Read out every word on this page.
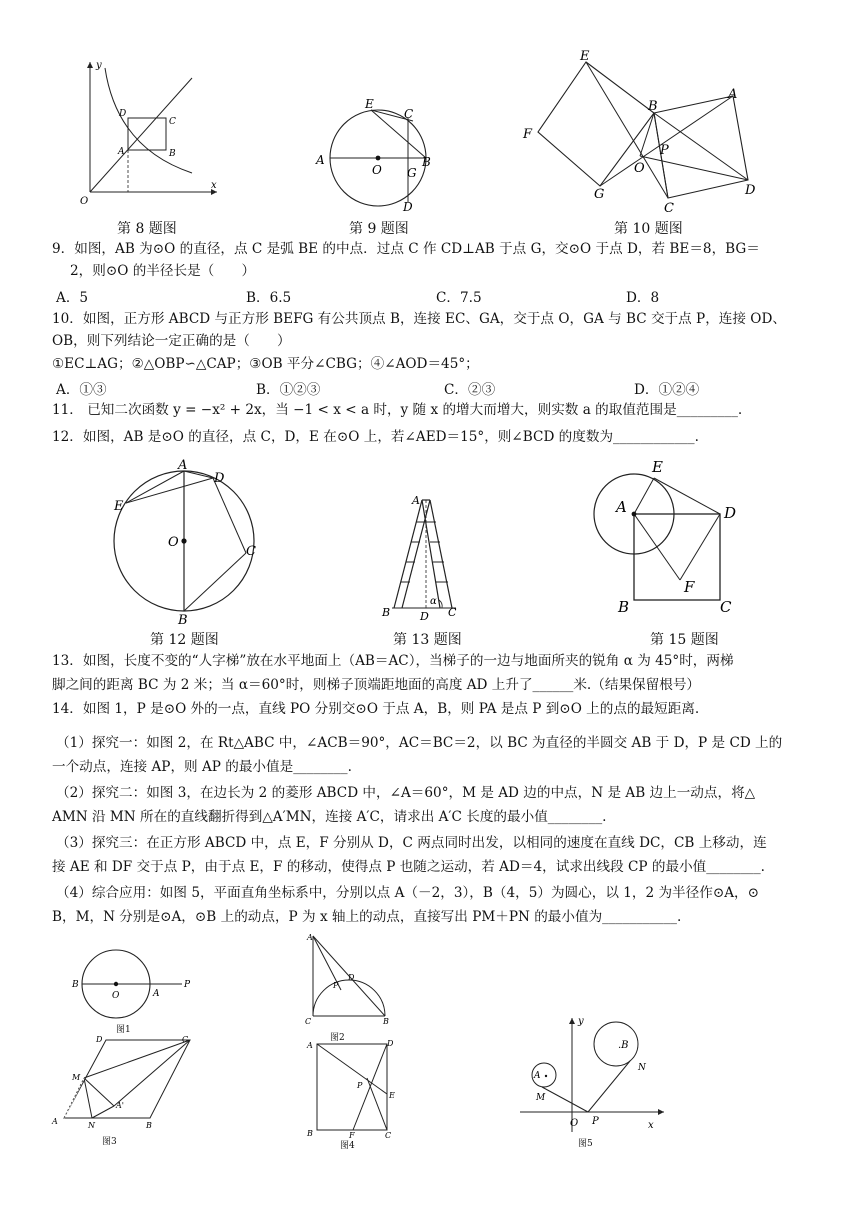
y
x
O
D
C
A	B
E
C
A
O
B
G
D
E
B
A
F
P
O
G
C
D
第 8 题图	第 9 题图	第 10 题图
9．如图，AB 为⊙O 的直径，点 C 是弧 BE 的中点．过点 C 作 CD⊥AB 于点 G，交⊙O 于点 D，若 BE＝8，BG＝
2，则⊙O 的半径长是（　　）
A．5	B．6.5	C．7.5	D．8
10．如图，正方形 ABCD 与正方形 BEFG 有公共顶点 B，连接 EC、GA，交于点 O，GA 与 BC 交于点 P，连接 OD、
OB，则下列结论一定正确的是（　　）
①EC⊥AG；②△OBP∽△CAP；③OB 平分∠CBG；④∠AOD＝45°；
A．①③	B．①②③	C．②③	D．①②④
11． 已知二次函数 y = −x² + 2x，当 −1 < x < a 时，y 随 x 的增大而增大，则实数 a 的取值范围是_________.
12．如图，AB 是⊙O 的直径，点 C，D，E 在⊙O 上，若∠AED＝15°，则∠BCD 的度数为____________.
A
D
E
O
C
B
A
B	D C
α
E
A	D
F
B	C
第 12 题图	第 13 题图	第 15 题图
13．如图，长度不变的“人字梯”放在水平地面上（AB＝AC），当梯子的一边与地面所夹的锐角 α 为 45°时，两梯
脚之间的距离 BC 为 2 米；当 α＝60°时，则梯子顶端距地面的高度 AD 上升了______米.（结果保留根号）
14．如图 1，P 是⊙O 外的一点，直线 PO 分别交⊙O 于点 A，B，则 PA 是点 P 到⊙O 上的点的最短距离.
（1）探究一：如图 2，在 Rt△ABC 中，∠ACB＝90°，AC＝BC＝2，以 BC 为直径的半圆交 AB 于 D，P 是 CD 上的
一个动点，连接 AP，则 AP 的最小值是________.
（2）探究二：如图 3，在边长为 2 的菱形 ABCD 中，∠A＝60°，M 是 AD 边的中点，N 是 AB 边上一动点，将△
AMN 沿 MN 所在的直线翻折得到△A′MN，连接 A′C，请求出 A′C 长度的最小值________.
（3）探究三：在正方形 ABCD 中，点 E，F 分别从 D，C 两点同时出发，以相同的速度在直线 DC，CB 上移动，连
接 AE 和 DF 交于点 P，由于点 E，F 的移动，使得点 P 也随之运动，若 AD＝4，试求出线段 CP 的最小值________.
（4）综合应用：如图 5，平面直角坐标系中，分别以点 A（－2，3），B（4，5）为圆心，以 1，2 为半径作⊙A，⊙
B，M，N 分别是⊙A，⊙B 上的动点，P 为 x 轴上的动点，直接写出 PM＋PN 的最小值为___________.
B
O	A
P
图1
A
D
P
C	B
图2
D	C
M
A'
A	N	B
图3
A	D
P
E
B	F	C
图4
y
x
O
A
.B
M
P
N
图5
